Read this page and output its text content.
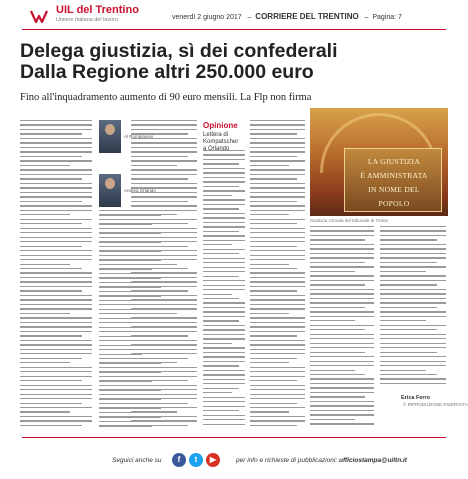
UIL del Trentino
Unione Italiana del lavoro	venerdì 2 giugno 2017   –  CORRIERE DEL TRENTINO   –  Pagina: 7
Delega giustizia, sì dei confederali
Dalla Regione altri 250.000 euro
Fino all'inquadramento aumento di 90 euro mensili. La Flp non firma
Al Rompianesi
Andrea Orlando
Opinione
Lettera di Kompatscher a Orlando
LA GIUSTIZIA
È AMMINISTRATA
IN NOME DEL
POPOLO
Giustizia Un'aula del tribunale di Trento
Erica Ferro
© RIPRODUZIONE RISERVATA
Seguici anche su	f	t	▶	per info e richieste di pubblicazioni: ufficiostampa@uiltn.it
